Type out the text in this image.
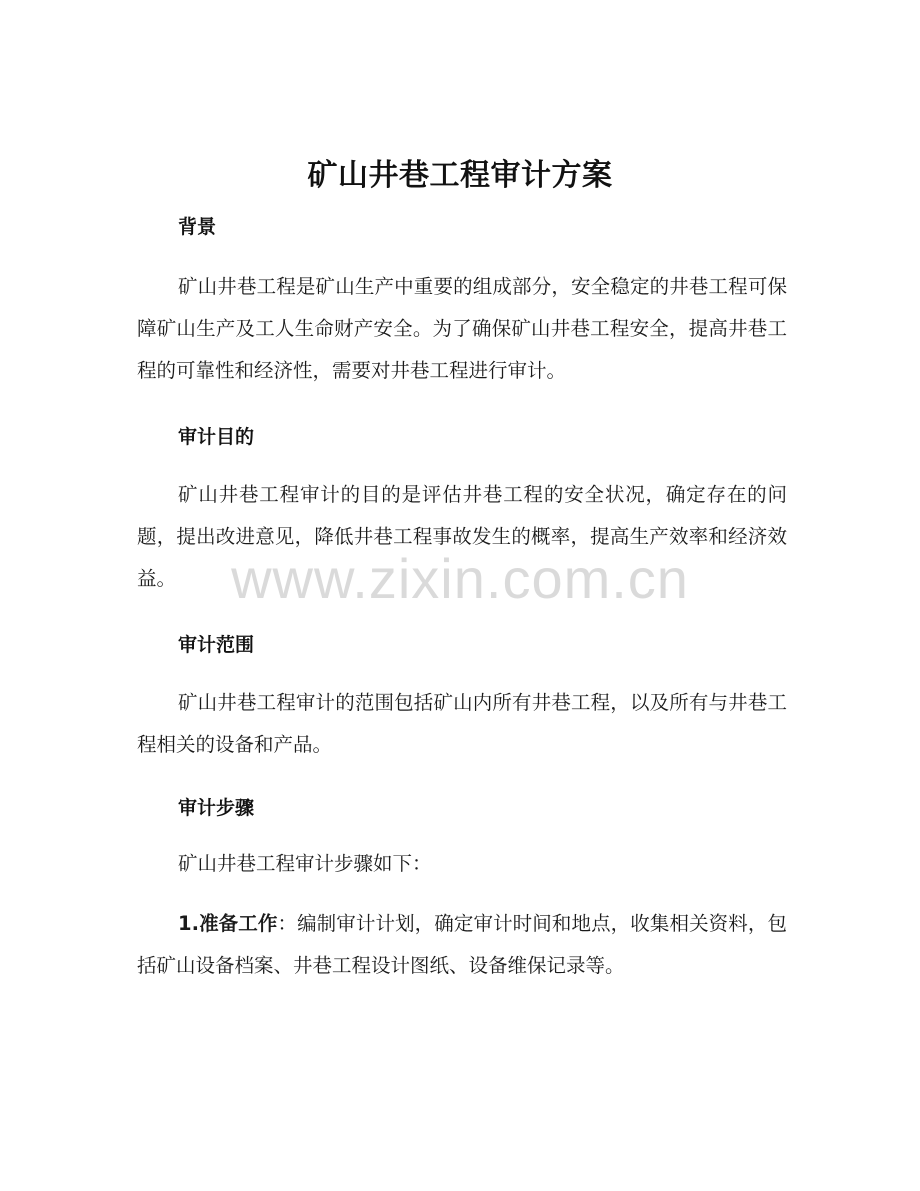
矿山井巷工程审计方案
背景
矿山井巷工程是矿山生产中重要的组成部分，安全稳定的井巷工程可保障矿山生产及工人生命财产安全。为了确保矿山井巷工程安全，提高井巷工程的可靠性和经济性，需要对井巷工程进行审计。
审计目的
矿山井巷工程审计的目的是评估井巷工程的安全状况，确定存在的问题，提出改进意见，降低井巷工程事故发生的概率，提高生产效率和经济效益。
审计范围
矿山井巷工程审计的范围包括矿山内所有井巷工程，以及所有与井巷工程相关的设备和产品。
审计步骤
矿山井巷工程审计步骤如下：
1.准备工作：编制审计计划，确定审计时间和地点，收集相关资料，包括矿山设备档案、井巷工程设计图纸、设备维保记录等。
www.zixin.com.cn
